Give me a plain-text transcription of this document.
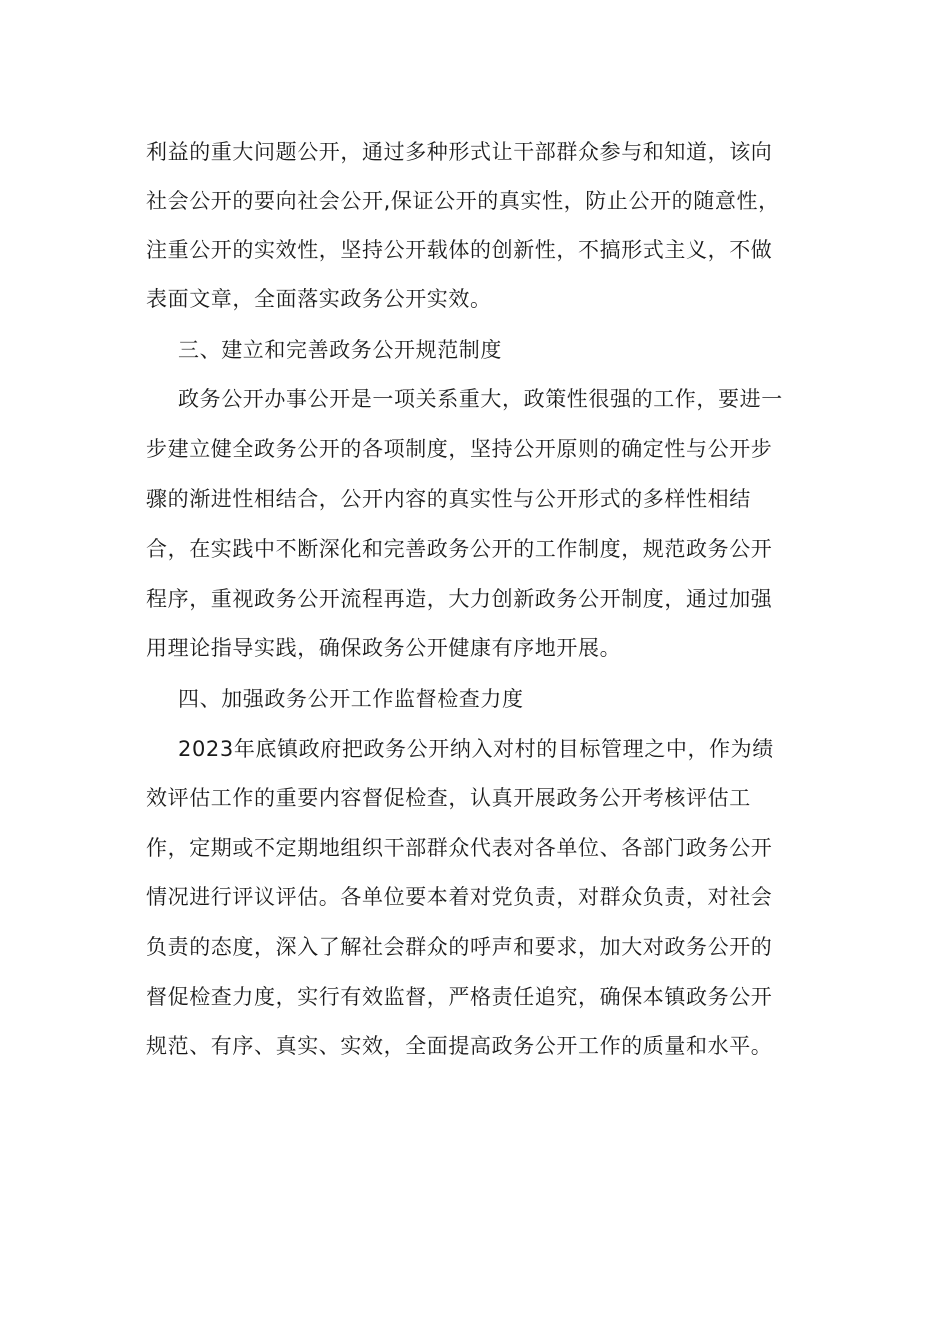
利益的重大问题公开，通过多种形式让干部群众参与和知道，该向
社会公开的要向社会公开,保证公开的真实性，防止公开的随意性，
注重公开的实效性，坚持公开载体的创新性，不搞形式主义，不做
表面文章，全面落实政务公开实效。
三、建立和完善政务公开规范制度
政务公开办事公开是一项关系重大，政策性很强的工作，要进一
步建立健全政务公开的各项制度，坚持公开原则的确定性与公开步
骤的渐进性相结合，公开内容的真实性与公开形式的多样性相结
合，在实践中不断深化和完善政务公开的工作制度，规范政务公开
程序，重视政务公开流程再造，大力创新政务公开制度，通过加强
用理论指导实践，确保政务公开健康有序地开展。
四、加强政务公开工作监督检查力度
2023年底镇政府把政务公开纳入对村的目标管理之中，作为绩
效评估工作的重要内容督促检查，认真开展政务公开考核评估工
作，定期或不定期地组织干部群众代表对各单位、各部门政务公开
情况进行评议评估。各单位要本着对党负责，对群众负责，对社会
负责的态度，深入了解社会群众的呼声和要求，加大对政务公开的
督促检查力度，实行有效监督，严格责任追究，确保本镇政务公开
规范、有序、真实、实效，全面提高政务公开工作的质量和水平。
